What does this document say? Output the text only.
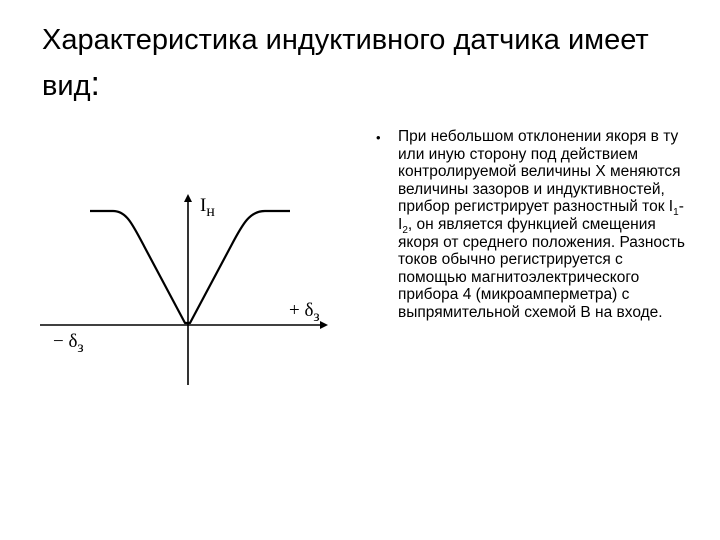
Характеристика индуктивного датчика имеет вид:
$I_н$
+ $\delta_з$
− $\delta_з$
•	При небольшом отклонении якоря в ту или иную сторону под действием контролируемой величины Х меняются величины зазоров и индуктивностей, прибор регистрирует разностный ток $I_1-I_2$, он является функцией смещения якоря от среднего положения. Разность токов обычно регистрируется с помощью магнитоэлектрического прибора 4 (микроамперметра) с выпрямительной схемой В на входе.
